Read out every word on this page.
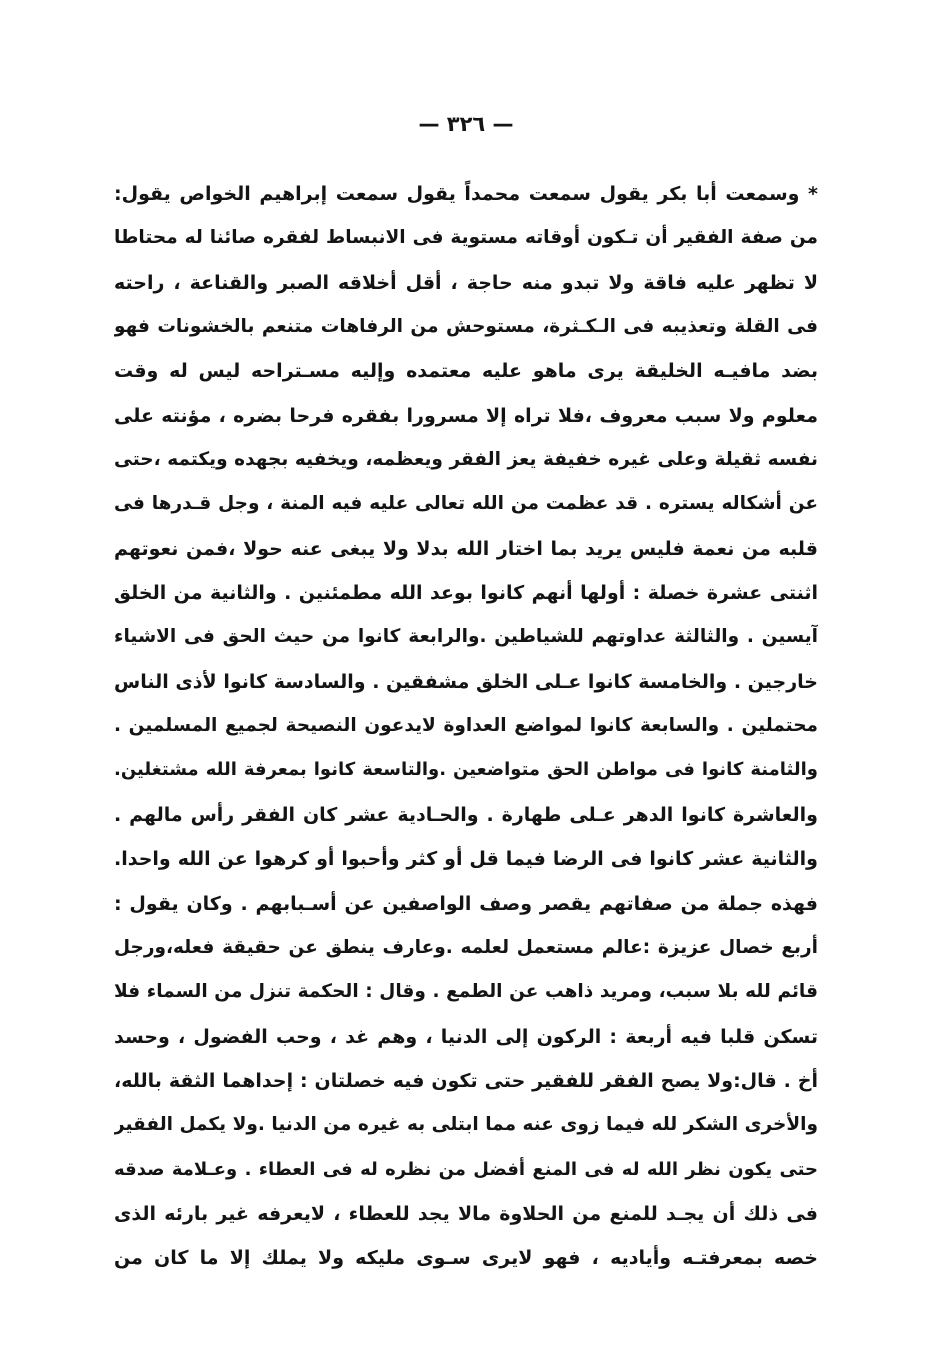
— ٣٢٦ —
* وسمعت أبا بكر يقول سمعت محمداً يقول سمعت إبراهيم الخواص يقول:
من صفة الفقير أن تـكون أوقاته مستوية فى الانبساط لفقره صائنا له محتاطا
لا تظهر عليه فاقة ولا تبدو منه حاجة ، أقل أخلاقه الصبر والقناعة ، راحته
فى القلة وتعذيبه فى الـكـثرة، مستوحش من الرفاهات متنعم بالخشونات فهو
بضد مافيـه الخليقة يرى ماهو عليه معتمده وإليه مسـتراحه ليس له وقت
معلوم ولا سبب معروف ،فلا تراه إلا مسرورا بفقره فرحا بضره ، مؤنته على
نفسه ثقيلة وعلى غيره خفيفة يعز الفقر ويعظمه، ويخفيه بجهده ويكتمه ،حتى
عن أشكاله يستره . قد عظمت من الله تعالى عليه فيه المنة ، وجل قـدرها فى
قلبه من نعمة فليس يريد بما اختار الله بدلا ولا يبغى عنه حولا ،فمن نعوتهم
اثنتى عشرة خصلة : أولها أنهم كانوا بوعد الله مطمئنين . والثانية من الخلق
آيسين . والثالثة عداوتهم للشياطين .والرابعة كانوا من حيث الحق فى الاشياء
خارجين . والخامسة كانوا عـلى الخلق مشفقين . والسادسة كانوا لأذى الناس
محتملين . والسابعة كانوا لمواضع العداوة لايدعون النصيحة لجميع المسلمين .
والثامنة كانوا فى مواطن الحق متواضعين .والتاسعة كانوا بمعرفة الله مشتغلين.
والعاشرة كانوا الدهر عـلى طهارة . والحـادية عشر كان الفقر رأس مالهم .
والثانية عشر كانوا فى الرضا فيما قل أو كثر وأحبوا أو كرهوا عن الله واحدا.
فهذه جملة من صفاتهم يقصر وصف الواصفين عن أسـبابهم . وكان يقول :
أربع خصال عزيزة :عالم مستعمل لعلمه .وعارف ينطق عن حقيقة فعله،ورجل
قائم لله بلا سبب، ومريد ذاهب عن الطمع . وقال : الحكمة تنزل من السماء فلا
تسكن قلبا فيه أربعة : الركون إلى الدنيا ، وهم غد ، وحب الفضول ، وحسد
أخ . قال:ولا يصح الفقر للفقير حتى تكون فيه خصلتان : إحداهما الثقة بالله،
والأخرى الشكر لله فيما زوى عنه مما ابتلى به غيره من الدنيا .ولا يكمل الفقير
حتى يكون نظر الله له فى المنع أفضل من نظره له فى العطاء . وعـلامة صدقه
فى ذلك أن يجـد للمنع من الحلاوة مالا يجد للعطاء ، لايعرفه غير بارئه الذى
خصه بمعرفتـه وأياديه ، فهو لايرى سـوى مليكه ولا يملك إلا ما كان من
